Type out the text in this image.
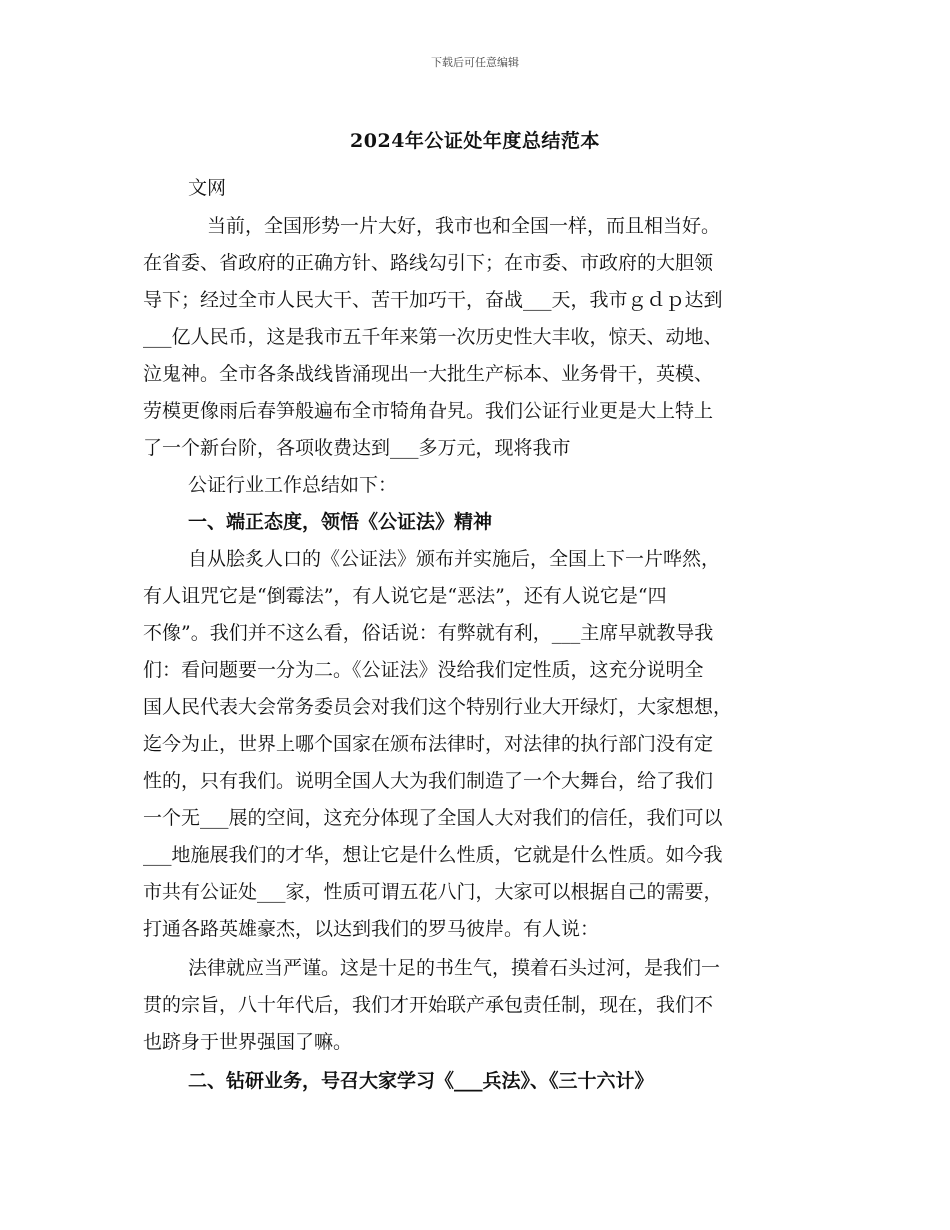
下载后可任意编辑
2024年公证处年度总结范本
文网
当前，全国形势一片大好，我市也和全国一样，而且相当好。
在省委、省政府的正确方针、路线勾引下；在市委、市政府的大胆领
导下；经过全市人民大干、苦干加巧干，奋战___天，我市ｇｄｐ达到
___亿人民币，这是我市五千年来第一次历史性大丰收，惊天、动地、
泣鬼神。全市各条战线皆涌现出一大批生产标本、业务骨干，英模、
劳模更像雨后春笋般遍布全市犄角旮旯。我们公证行业更是大上特上
了一个新台阶，各项收费达到___多万元，现将我市
公证行业工作总结如下：
一、端正态度，领悟《公证法》精神
自从脍炙人口的《公证法》颁布并实施后，全国上下一片哗然，
有人诅咒它是“倒霉法”，有人说它是“恶法”，还有人说它是“四
不像”。我们并不这么看，俗话说：有弊就有利，___主席早就教导我
们：看问题要一分为二。《公证法》没给我们定性质，这充分说明全
国人民代表大会常务委员会对我们这个特别行业大开绿灯，大家想想，
迄今为止，世界上哪个国家在颁布法律时，对法律的执行部门没有定
性的，只有我们。说明全国人大为我们制造了一个大舞台，给了我们
一个无___展的空间，这充分体现了全国人大对我们的信任，我们可以
___地施展我们的才华，想让它是什么性质，它就是什么性质。如今我
市共有公证处___家，性质可谓五花八门，大家可以根据自己的需要，
打通各路英雄豪杰，以达到我们的罗马彼岸。有人说：
法律就应当严谨。这是十足的书生气，摸着石头过河，是我们一
贯的宗旨，八十年代后，我们才开始联产承包责任制，现在，我们不
也跻身于世界强国了嘛。
二、钻研业务，号召大家学习《___兵法》、《三十六计》
